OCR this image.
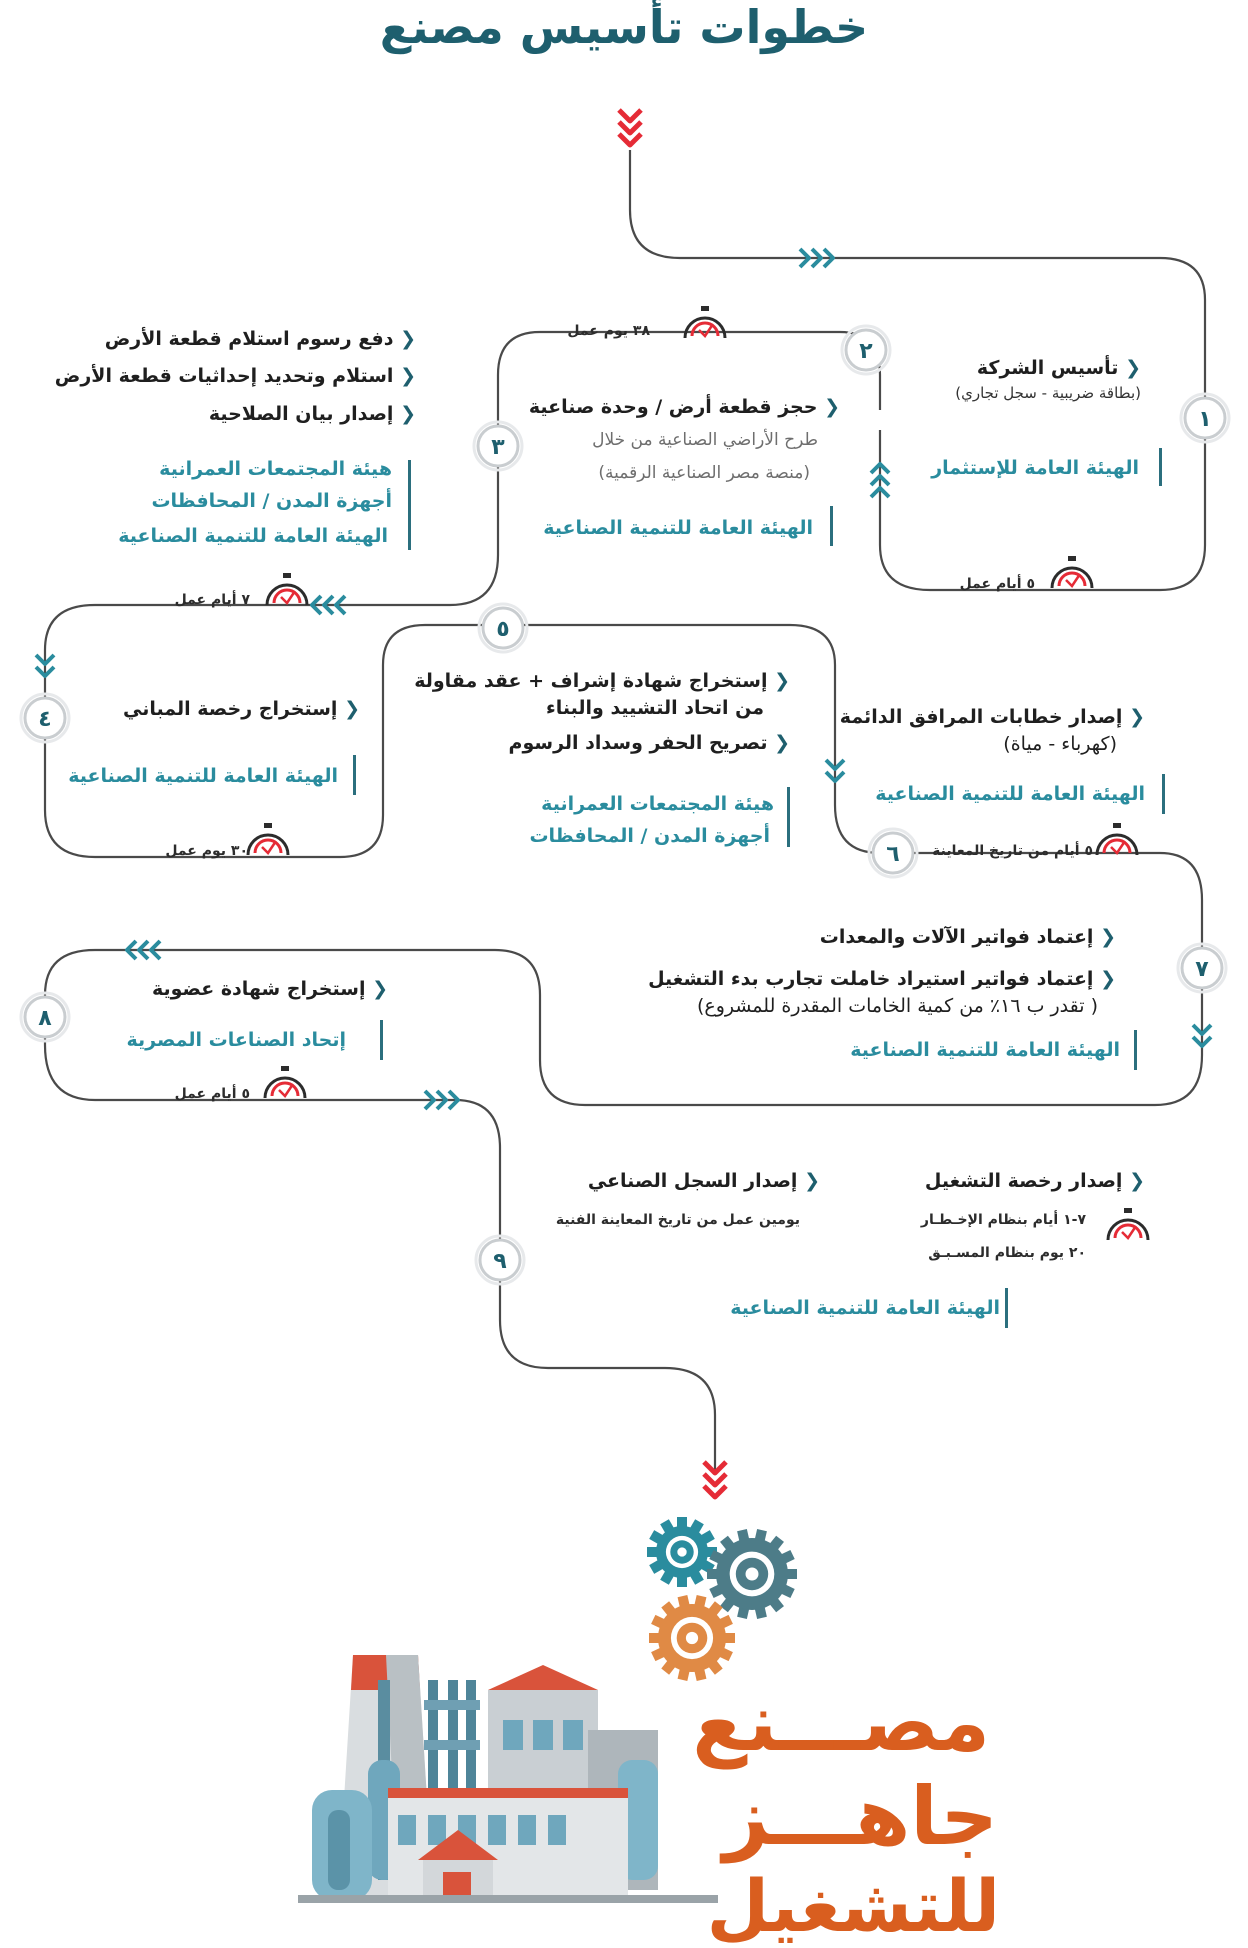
١
٢
٣
٤
٥
٦
٧
٨
٩
خطوات تأسيس مصنع
❮ تأسيس الشركة
(بطاقة ضريبية - سجل تجاري)
الهيئة العامة للإستثمار
٥ أيام عمل
❮ حجز قطعة أرض / وحدة صناعية
طرح الأراضي الصناعية من خلال
(منصة مصر الصناعية الرقمية)
الهيئة العامة للتنمية الصناعية
٣٨ يوم عمل
❮ دفع رسوم استلام قطعة الأرض
❮ استلام وتحديد إحداثيات قطعة الأرض
❮ إصدار بيان الصلاحية
هيئة المجتمعات العمرانية
أجهزة المدن / المحافظات
الهيئة العامة للتنمية الصناعية
٧ أيام عمل
❮ إستخراج رخصة المباني
الهيئة العامة للتنمية الصناعية
٣٠ يوم عمل
❮ إستخراج شهادة إشراف + عقد مقاولة
من اتحاد التشييد والبناء
❮ تصريح الحفر وسداد الرسوم
هيئة المجتمعات العمرانية
أجهزة المدن / المحافظات
❮ إصدار خطابات المرافق الدائمة
(كهرباء - مياة)
الهيئة العامة للتنمية الصناعية
٥ أيام من تاريخ المعاينة
❮ إعتماد فواتير الآلات والمعدات
❮ إعتماد فواتير استيراد خاملت تجارب بدء التشغيل
( تقدر ب ١٦٪ من كمية الخامات المقدرة للمشروع)
الهيئة العامة للتنمية الصناعية
❮ إستخراج شهادة عضوية
إتحاد الصناعات المصرية
٥ أيام عمل
❮ إصدار رخصة التشغيل
٧-١ أيام بنظام الإخـطـار
٢٠ يوم بنظام المسـبـق
❮ إصدار السجل الصناعي
يومين عمل من تاريخ المعاينة الفنية
الهيئة العامة للتنمية الصناعية
مصـــنع
جاهـــز
للتشغيل
